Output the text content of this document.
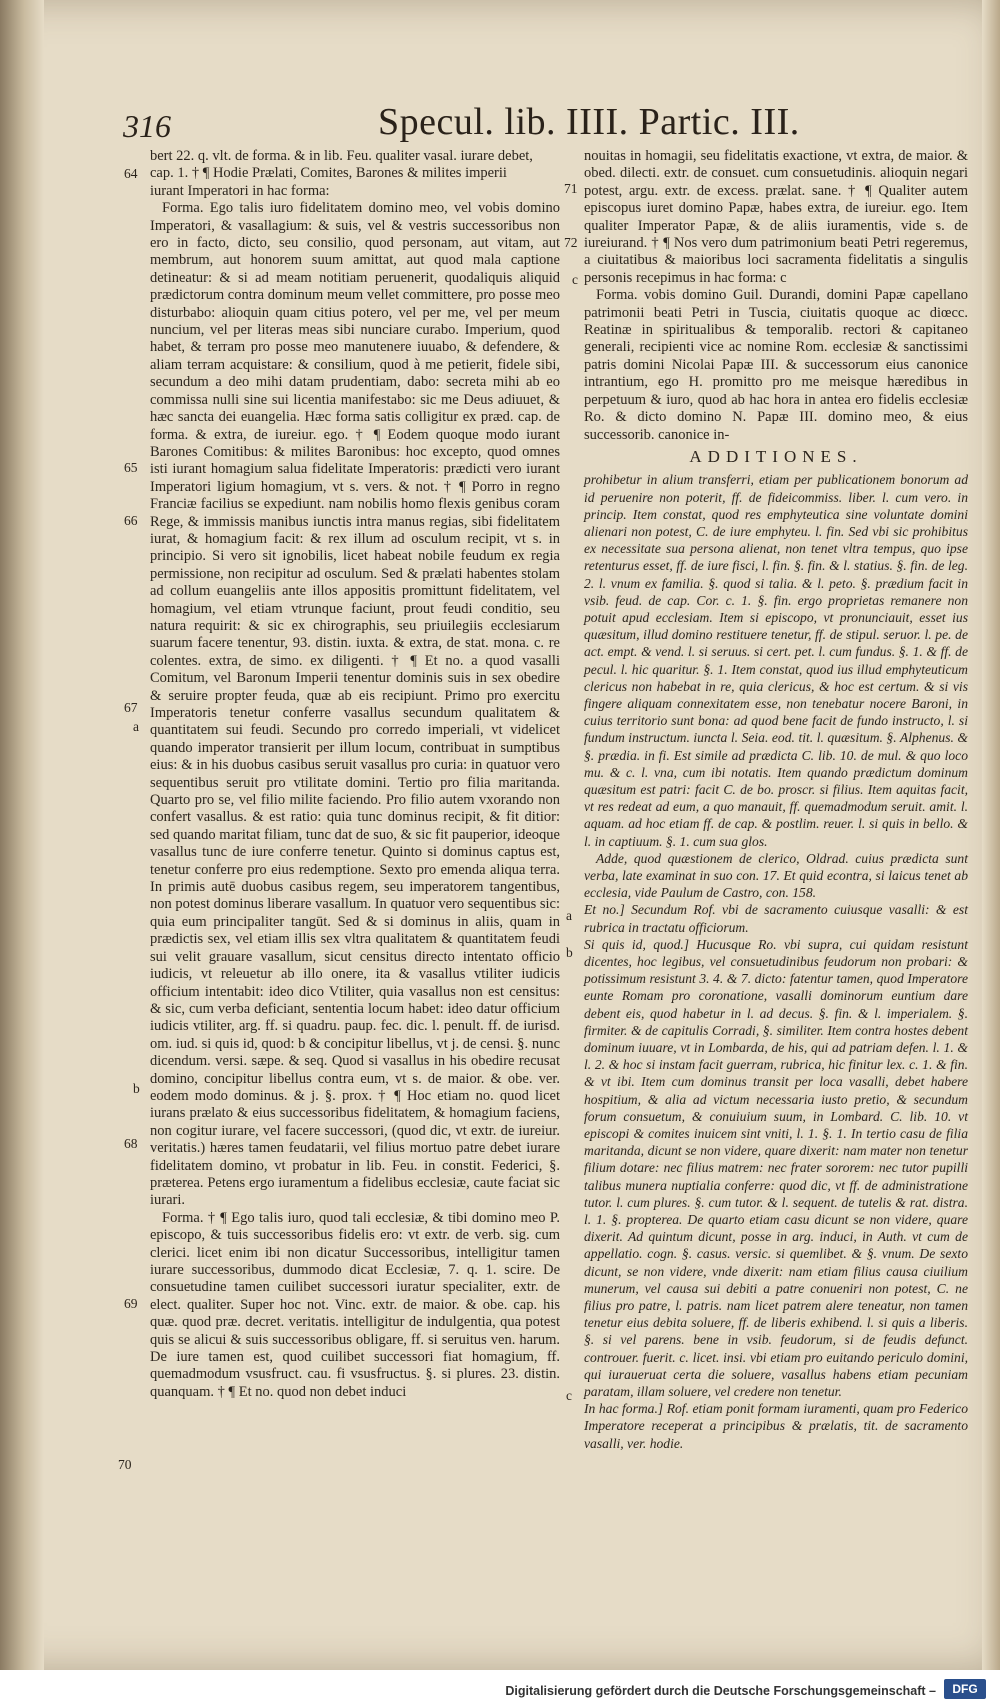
316	Specul. lib. IIII. Partic. III.
64
65
66
67
a
b
68
69
70
71
72
c
a
b
c

bert 22. q. vlt. de forma. & in lib. Feu. qualiter vasal. iurare debet,

cap. 1. † ¶ Hodie Prælati, Comites, Barones & milites imperii

iurant Imperatori in hac forma:

Forma. Ego talis iuro fidelitatem domino meo, vel vobis domino Imperatori, & vasallagium: & suis, vel & vestris successoribus non ero in facto, dicto, seu consilio, quod personam, aut vitam, aut membrum, aut honorem suum amittat, aut quod mala captione detineatur: & si ad meam notitiam peruenerit, quodaliquis aliquid prædictorum contra dominum meum vellet committere, pro posse meo disturbabo: alioquin quam citius potero, vel per me, vel per meum nuncium, vel per literas meas sibi nunciare curabo. Imperium, quod habet, & terram pro posse meo manutenere iuuabo, & defendere, & aliam terram acquistare: & consilium, quod à me petierit, fidele sibi, secundum a deo mihi datam prudentiam, dabo: secreta mihi ab eo commissa nulli sine sui licentia manifestabo: sic me Deus adiuuet, & hæc sancta dei euangelia. Hæc forma satis colligitur ex præd. cap. de forma. & extra, de iureiur. ego. † ¶ Eodem quoque modo iurant Barones Comitibus: & milites Baronibus: hoc excepto, quod omnes isti iurant homagium salua fidelitate Imperatoris: prædicti vero iurant Imperatori ligium homagium, vt s. vers. & not. † ¶ Porro in regno Franciæ facilius se expediunt. nam nobilis homo flexis genibus coram Rege, & immissis manibus iunctis intra manus regias, sibi fidelitatem iurat, & homagium facit: & rex illum ad osculum recipit, vt s. in principio. Si vero sit ignobilis, licet habeat nobile feudum ex regia permissione, non recipitur ad osculum. Sed & prælati habentes stolam ad collum euangeliis ante illos appositis promittunt fidelitatem, vel homagium, vel etiam vtrunque faciunt, prout feudi conditio, seu natura requirit: & sic ex chirographis, seu priuilegiis ecclesiarum suarum facere tenentur, 93. distin. iuxta. & extra, de stat. mona. c. re colentes. extra, de simo. ex diligenti. † ¶ Et no. a quod vasalli Comitum, vel Baronum Imperii tenentur dominis suis in sex obedire & seruire propter feuda, quæ ab eis recipiunt. Primo pro exercitu Imperatoris tenetur conferre vasallus secundum qualitatem & quantitatem sui feudi. Secundo pro corredo imperiali, vt videlicet quando imperator transierit per illum locum, contribuat in sumptibus eius: & in his duobus casibus seruit vasallus pro curia: in quatuor vero sequentibus seruit pro vtilitate domini. Tertio pro filia maritanda. Quarto pro se, vel filio milite faciendo. Pro filio autem vxorando non confert vasallus. & est ratio: quia tunc dominus recipit, & fit ditior: sed quando maritat filiam, tunc dat de suo, & sic fit pauperior, ideoque vasallus tunc de iure conferre tenetur. Quinto si dominus captus est, tenetur conferre pro eius redemptione. Sexto pro emenda aliqua terra. In primis autē duobus casibus regem, seu imperatorem tangentibus, non potest dominus liberare vasallum. In quatuor vero sequentibus sic: quia eum principaliter tangūt. Sed & si dominus in aliis, quam in prædictis sex, vel etiam illis sex vltra qualitatem & quantitatem feudi sui velit grauare vasallum, sicut censitus directo intentato officio iudicis, vt releuetur ab illo onere, ita & vasallus vtiliter iudicis officium intentabit: ideo dico Vtiliter, quia vasallus non est censitus: & sic, cum verba deficiant, sententia locum habet: ideo datur officium iudicis vtiliter, arg. ff. si quadru. paup. fec. dic. l. penult. ff. de iurisd. om. iud. si quis id, quod: b & concipitur libellus, vt j. de censi. §. nunc dicendum. versi. sæpe. & seq. Quod si vasallus in his obedire recusat domino, concipitur libellus contra eum, vt s. de maior. & obe. ver. eodem modo dominus. & j. §. prox. † ¶ Hoc etiam no. quod licet iurans prælato & eius successoribus fidelitatem, & homagium faciens, non cogitur iurare, vel facere successori, (quod dic, vt extr. de iureiur. veritatis.) hæres tamen feudatarii, vel filius mortuo patre debet iurare fidelitatem domino, vt probatur in lib. Feu. in constit. Federici, §. præterea. Petens ergo iuramentum a fidelibus ecclesiæ, caute faciat sic iurari.

Forma. † ¶ Ego talis iuro, quod tali ecclesiæ, & tibi domino meo P. episcopo, & tuis successoribus fidelis ero: vt extr. de verb. sig. cum clerici. licet enim ibi non dicatur Successoribus, intelligitur tamen iurare successoribus, dummodo dicat Ecclesiæ, 7. q. 1. scire. De consuetudine tamen cuilibet successori iuratur specialiter, extr. de elect. qualiter. Super hoc not. Vinc. extr. de maior. & obe. cap. his quæ. quod præ. decret. veritatis. intelligitur de indulgentia, qua potest quis se alicui & suis successoribus obligare, ff. si seruitus ven. harum. De iure tamen est, quod cuilibet successori fiat homagium, ff. quemadmodum vsusfruct. cau. fi vsusfructus. §. si plures. 23. distin. quanquam. † ¶ Et no. quod non debet induci

nouitas in homagii, seu fidelitatis exactione, vt extra, de maior. & obed. dilecti. extr. de consuet. cum consuetudinis. alioquin negari potest, argu. extr. de excess. prælat. sane. † ¶ Qualiter autem episcopus iuret domino Papæ, habes extra, de iureiur. ego. Item qualiter Imperator Papæ, & de aliis iuramentis, vide s. de iureiurand. † ¶ Nos vero dum patrimonium beati Petri regeremus, a ciuitatibus & maioribus loci sacramenta fidelitatis a singulis personis recepimus in hac forma: c

Forma. vobis domino Guil. Durandi, domini Papæ capellano patrimonii beati Petri in Tuscia, ciuitatis quoque ac diœcc. Reatinæ in spiritualibus & temporalib. rectori & capitaneo generali, recipienti vice ac nomine Rom. ecclesiæ & sanctissimi patris domini Nicolai Papæ III. & successorum eius canonice intrantium, ego H. promitto pro me meisque hæredibus in perpetuum & iuro, quod ab hac hora in antea ero fidelis ecclesiæ Ro. & dicto domino N. Papæ III. domino meo, & eius successorib. canonice in-

ADDITIONES.

prohibetur in alium transferri, etiam per publicationem bonorum ad id peruenire non poterit, ff. de fideicommiss. liber. l. cum vero. in princip. Item constat, quod res emphyteutica sine voluntate domini alienari non potest, C. de iure emphyteu. l. fin. Sed vbi sic prohibitus ex necessitate sua persona alienat, non tenet vltra tempus, quo ipse retenturus esset, ff. de iure fisci, l. fin. §. fin. & l. statius. §. fin. de leg. 2. l. vnum ex familia. §. quod si talia. & l. peto. §. prædium facit in vsib. feud. de cap. Cor. c. 1. §. fin. ergo proprietas remanere non potuit apud ecclesiam. Item si episcopo, vt pronunciauit, esset ius quæsitum, illud domino restituere tenetur, ff. de stipul. seruor. l. pe. de act. empt. & vend. l. si seruus. si cert. pet. l. cum fundus. §. 1. & ff. de pecul. l. hic quaritur. §. 1. Item constat, quod ius illud emphyteuticum clericus non habebat in re, quia clericus, & hoc est certum. & si vis fingere aliquam connexitatem esse, non tenebatur nocere Baroni, in cuius territorio sunt bona: ad quod bene facit de fundo instructo, l. si fundum instructum. iuncta l. Seia. eod. tit. l. quæsitum. §. Alphenus. & §. prædia. in fi. Est simile ad prædicta C. lib. 10. de mul. & quo loco mu. & c. l. vna, cum ibi notatis. Item quando prædictum dominum quæsitum est patri: facit C. de bo. proscr. si filius. Item aquitas facit, vt res redeat ad eum, a quo manauit, ff. quemadmodum seruit. amit. l. aquam. ad hoc etiam ff. de cap. & postlim. reuer. l. si quis in bello. & l. in captiuum. §. 1. cum sua glos.

Adde, quod quæstionem de clerico, Oldrad. cuius prædicta sunt verba, late examinat in suo con. 17. Et quid econtra, si laicus tenet ab ecclesia, vide Paulum de Castro, con. 158.

Et no.] Secundum Rof. vbi de sacramento cuiusque vasalli: & est rubrica in tractatu officiorum.

Si quis id, quod.] Hucusque Ro. vbi supra, cui quidam resistunt dicentes, hoc legibus, vel consuetudinibus feudorum non probari: & potissimum resistunt 3. 4. & 7. dicto: fatentur tamen, quod Imperatore eunte Romam pro coronatione, vasalli dominorum euntium dare debent eis, quod habetur in l. ad decus. §. fin. & l. imperialem. §. firmiter. & de capitulis Corradi, §. similiter. Item contra hostes debent dominum iuuare, vt in Lombarda, de his, qui ad patriam defen. l. 1. & l. 2. & hoc si instam facit guerram, rubrica, hic finitur lex. c. 1. & fin. & vt ibi. Item cum dominus transit per loca vasalli, debet habere hospitium, & alia ad victum necessaria iusto pretio, & secundum forum consuetum, & conuiuium suum, in Lombard. C. lib. 10. vt episcopi & comites inuicem sint vniti, l. 1. §. 1. In tertio casu de filia maritanda, dicunt se non videre, quare dixerit: nam mater non tenetur filium dotare: nec filius matrem: nec frater sororem: nec tutor pupilli talibus munera nuptialia conferre: quod dic, vt ff. de administratione tutor. l. cum plures. §. cum tutor. & l. sequent. de tutelis & rat. distra. l. 1. §. propterea. De quarto etiam casu dicunt se non videre, quare dixerit. Ad quintum dicunt, posse in arg. induci, in Auth. vt cum de appellatio. cogn. §. casus. versic. si quemlibet. & §. vnum. De sexto dicunt, se non videre, vnde dixerit: nam etiam filius causa ciuilium munerum, vel causa sui debiti a patre conueniri non potest, C. ne filius pro patre, l. patris. nam licet patrem alere teneatur, non tamen tenetur eius debita soluere, ff. de liberis exhibend. l. si quis a liberis. §. si vel parens. bene in vsib. feudorum, si de feudis defunct. controuer. fuerit. c. licet. insi. vbi etiam pro euitando periculo domini, qui iuraueruat certa die soluere, vasallus habens etiam pecuniam paratam, illam soluere, vel credere non tenetur.

In hac forma.] Rof. etiam ponit formam iuramenti, quam pro Federico Imperatore receperat a principibus & prælatis, tit. de sacramento vasalli, ver. hodie.

Digitalisierung gefördert durch die Deutsche Forschungsgemeinschaft –	DFG
